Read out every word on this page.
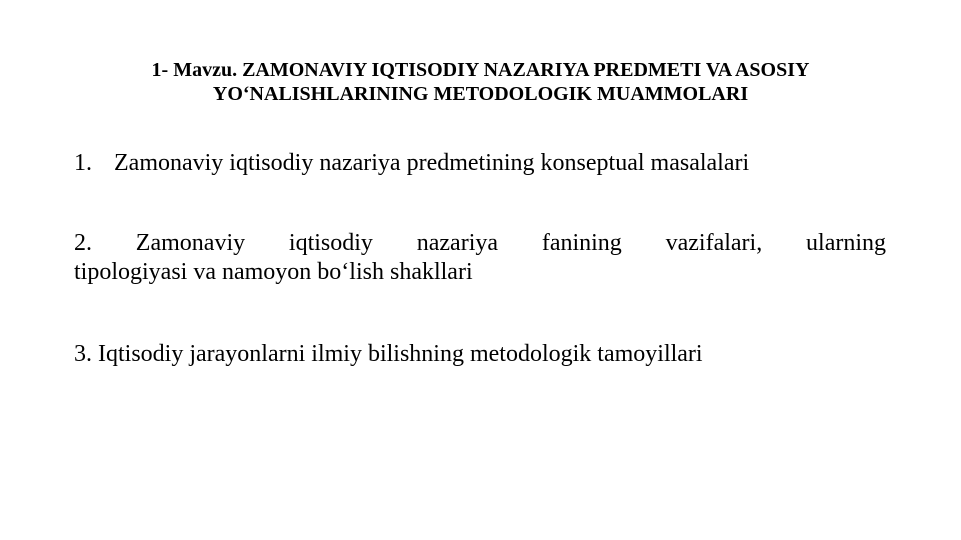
1- Mavzu. ZAMONAVIY IQTISODIY NAZARIYA PREDMETI VA ASOSIY
YO‘NALISHLARINING METODOLOGIK MUAMMOLARI
1. Zamonaviy iqtisodiy nazariya predmetining konseptual masalalari
2. Zamonaviy iqtisodiy nazariya fanining vazifalari, ularning
tipologiyasi va namoyon bo‘lish shakllari
3. Iqtisodiy jarayonlarni ilmiy bilishning metodologik tamoyillari
